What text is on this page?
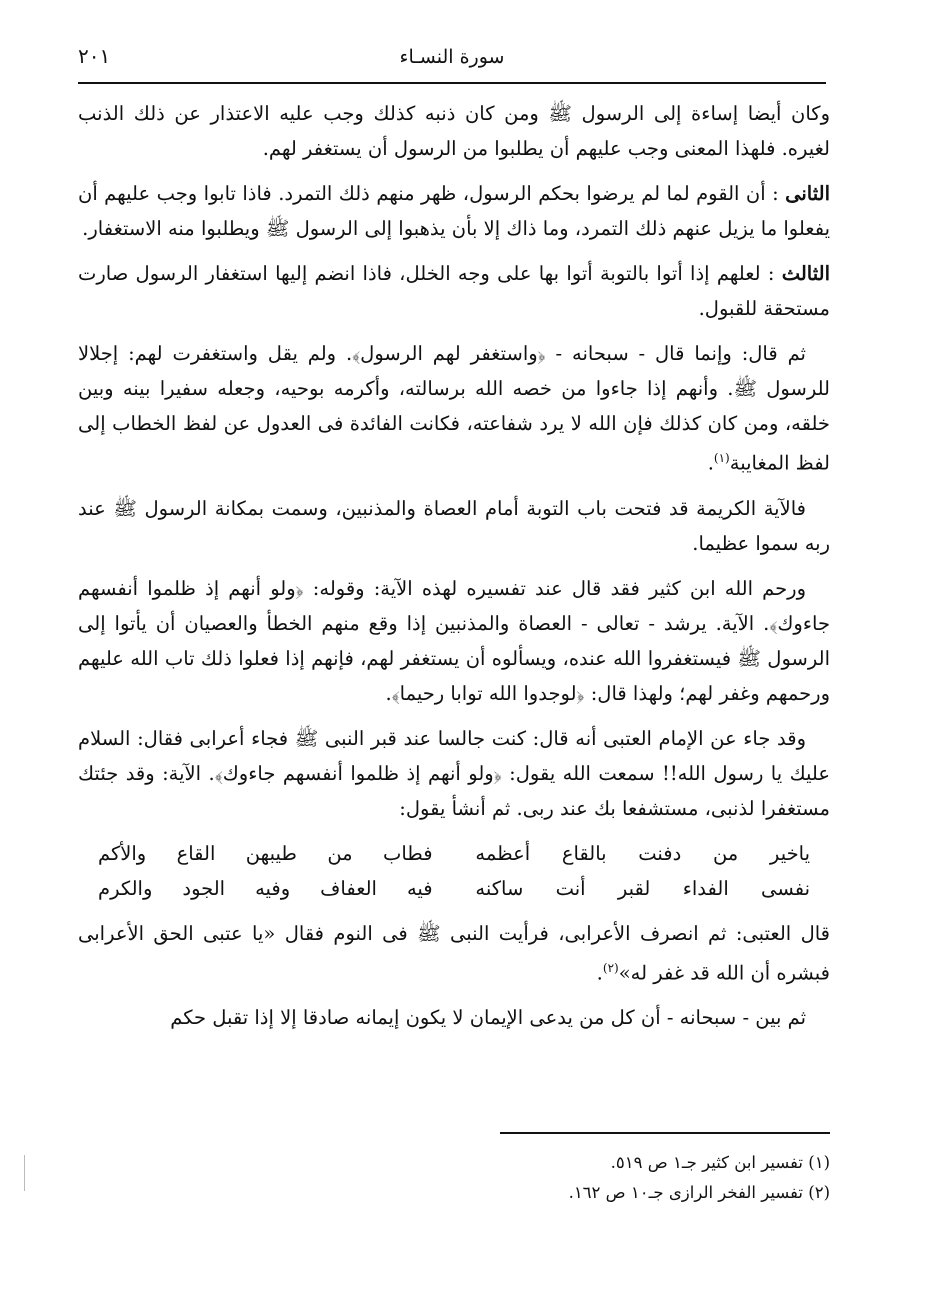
٢٠١	سورة النسـاء

وكان أيضا إساءة إلى الرسول ﷺ ومن كان ذنبه كذلك وجب عليه الاعتذار عن ذلك الذنب لغيره. فلهذا المعنى وجب عليهم أن يطلبوا من الرسول أن يستغفر لهم.

الثانى : أن القوم لما لم يرضوا بحكم الرسول، ظهر منهم ذلك التمرد. فاذا تابوا وجب عليهم أن يفعلوا ما يزيل عنهم ذلك التمرد، وما ذاك إلا بأن يذهبوا إلى الرسول ﷺ ويطلبوا منه الاستغفار.

الثالث : لعلهم إذا أتوا بالتوبة أتوا بها على وجه الخلل، فاذا انضم إليها استغفار الرسول صارت مستحقة للقبول.

ثم قال: وإنما قال - سبحانه - ﴿واستغفر لهم الرسول﴾. ولم يقل واستغفرت لهم: إجلالا للرسول ﷺ. وأنهم إذا جاءوا من خصه الله برسالته، وأكرمه بوحيه، وجعله سفيرا بينه وبين خلقه، ومن كان كذلك فإن الله لا يرد شفاعته، فكانت الفائدة فى العدول عن لفظ الخطاب إلى لفظ المغايبة$^{(١)}$.

فالآية الكريمة قد فتحت باب التوبة أمام العصاة والمذنبين، وسمت بمكانة الرسول ﷺ عند ربه سموا عظيما.

ورحم الله ابن كثير فقد قال عند تفسيره لهذه الآية: وقوله: ﴿ولو أنهم إذ ظلموا أنفسهم جاءوك﴾. الآية. يرشد - تعالى - العصاة والمذنبين إذا وقع منهم الخطأ والعصيان أن يأتوا إلى الرسول ﷺ فيستغفروا الله عنده، ويسألوه أن يستغفر لهم، فإنهم إذا فعلوا ذلك تاب الله عليهم ورحمهم وغفر لهم؛ ولهذا قال: ﴿لوجدوا الله توابا رحيما﴾.

وقد جاء عن الإمام العتبى أنه قال: كنت جالسا عند قبر النبى ﷺ فجاء أعرابى فقال: السلام عليك يا رسول الله!! سمعت الله يقول: ﴿ولو أنهم إذ ظلموا أنفسهم جاءوك﴾. الآية: وقد جئتك مستغفرا لذنبى، مستشفعا بك عند ربى. ثم أنشأ يقول:

ياخير من دفنت بالقاع أعظمه
فطاب من طيبهن القاع والأكم
نفسى الفداء لقبر أنت ساكنه
فيه العفاف وفيه الجود والكرم

قال العتبى: ثم انصرف الأعرابى، فرأيت النبى ﷺ فى النوم فقال «يا عتبى الحق الأعرابى فبشره أن الله قد غفر له»$^{(٢)}$.

ثم بين - سبحانه - أن كل من يدعى الإيمان لا يكون إيمانه صادقا إلا إذا تقبل حكم

(١) تفسير ابن كثير جـ١ ص ٥١٩.
(٢) تفسير الفخر الرازى جـ١٠ ص ١٦٢.
